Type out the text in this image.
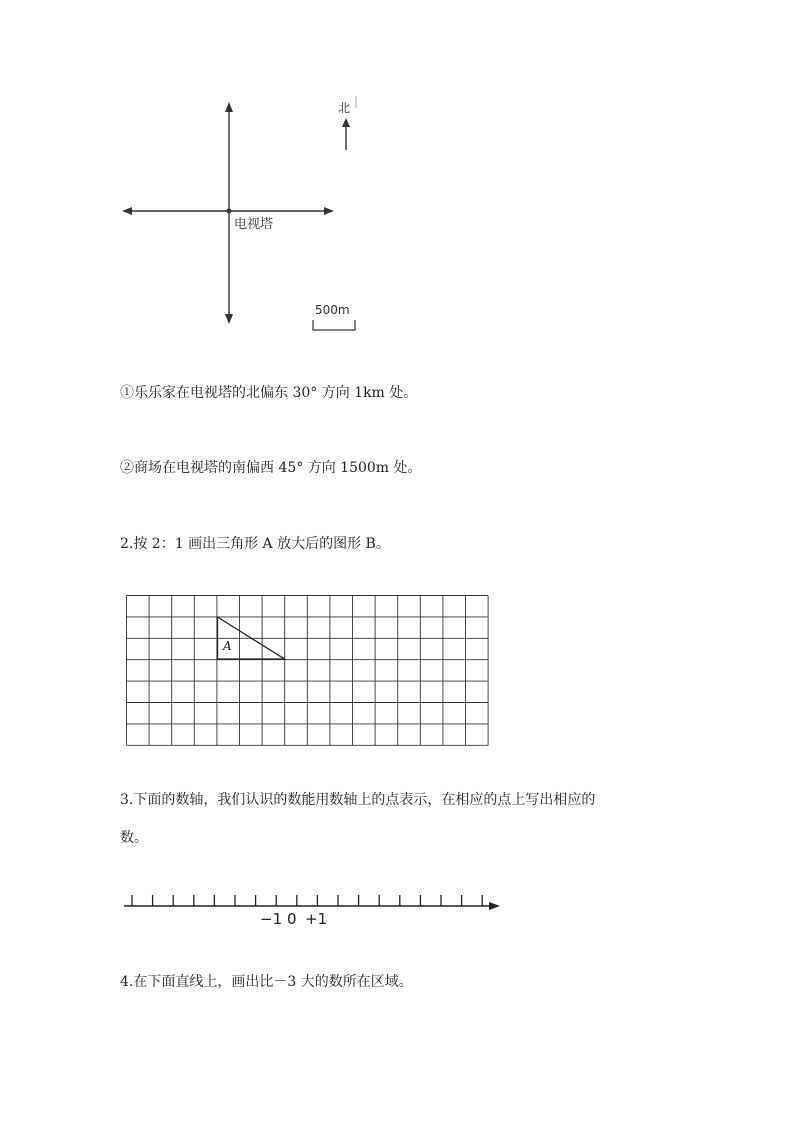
电视塔
北
500m
①乐乐家在电视塔的北偏东 30° 方向 1km 处。
②商场在电视塔的南偏西 45° 方向 1500m 处。
2.按 2：1 画出三角形 A 放大后的图形 B。
A
3.下面的数轴，我们认识的数能用数轴上的点表示，在相应的点上写出相应的
数。
−1 0 +1
4.在下面直线上，画出比－3 大的数所在区域。
